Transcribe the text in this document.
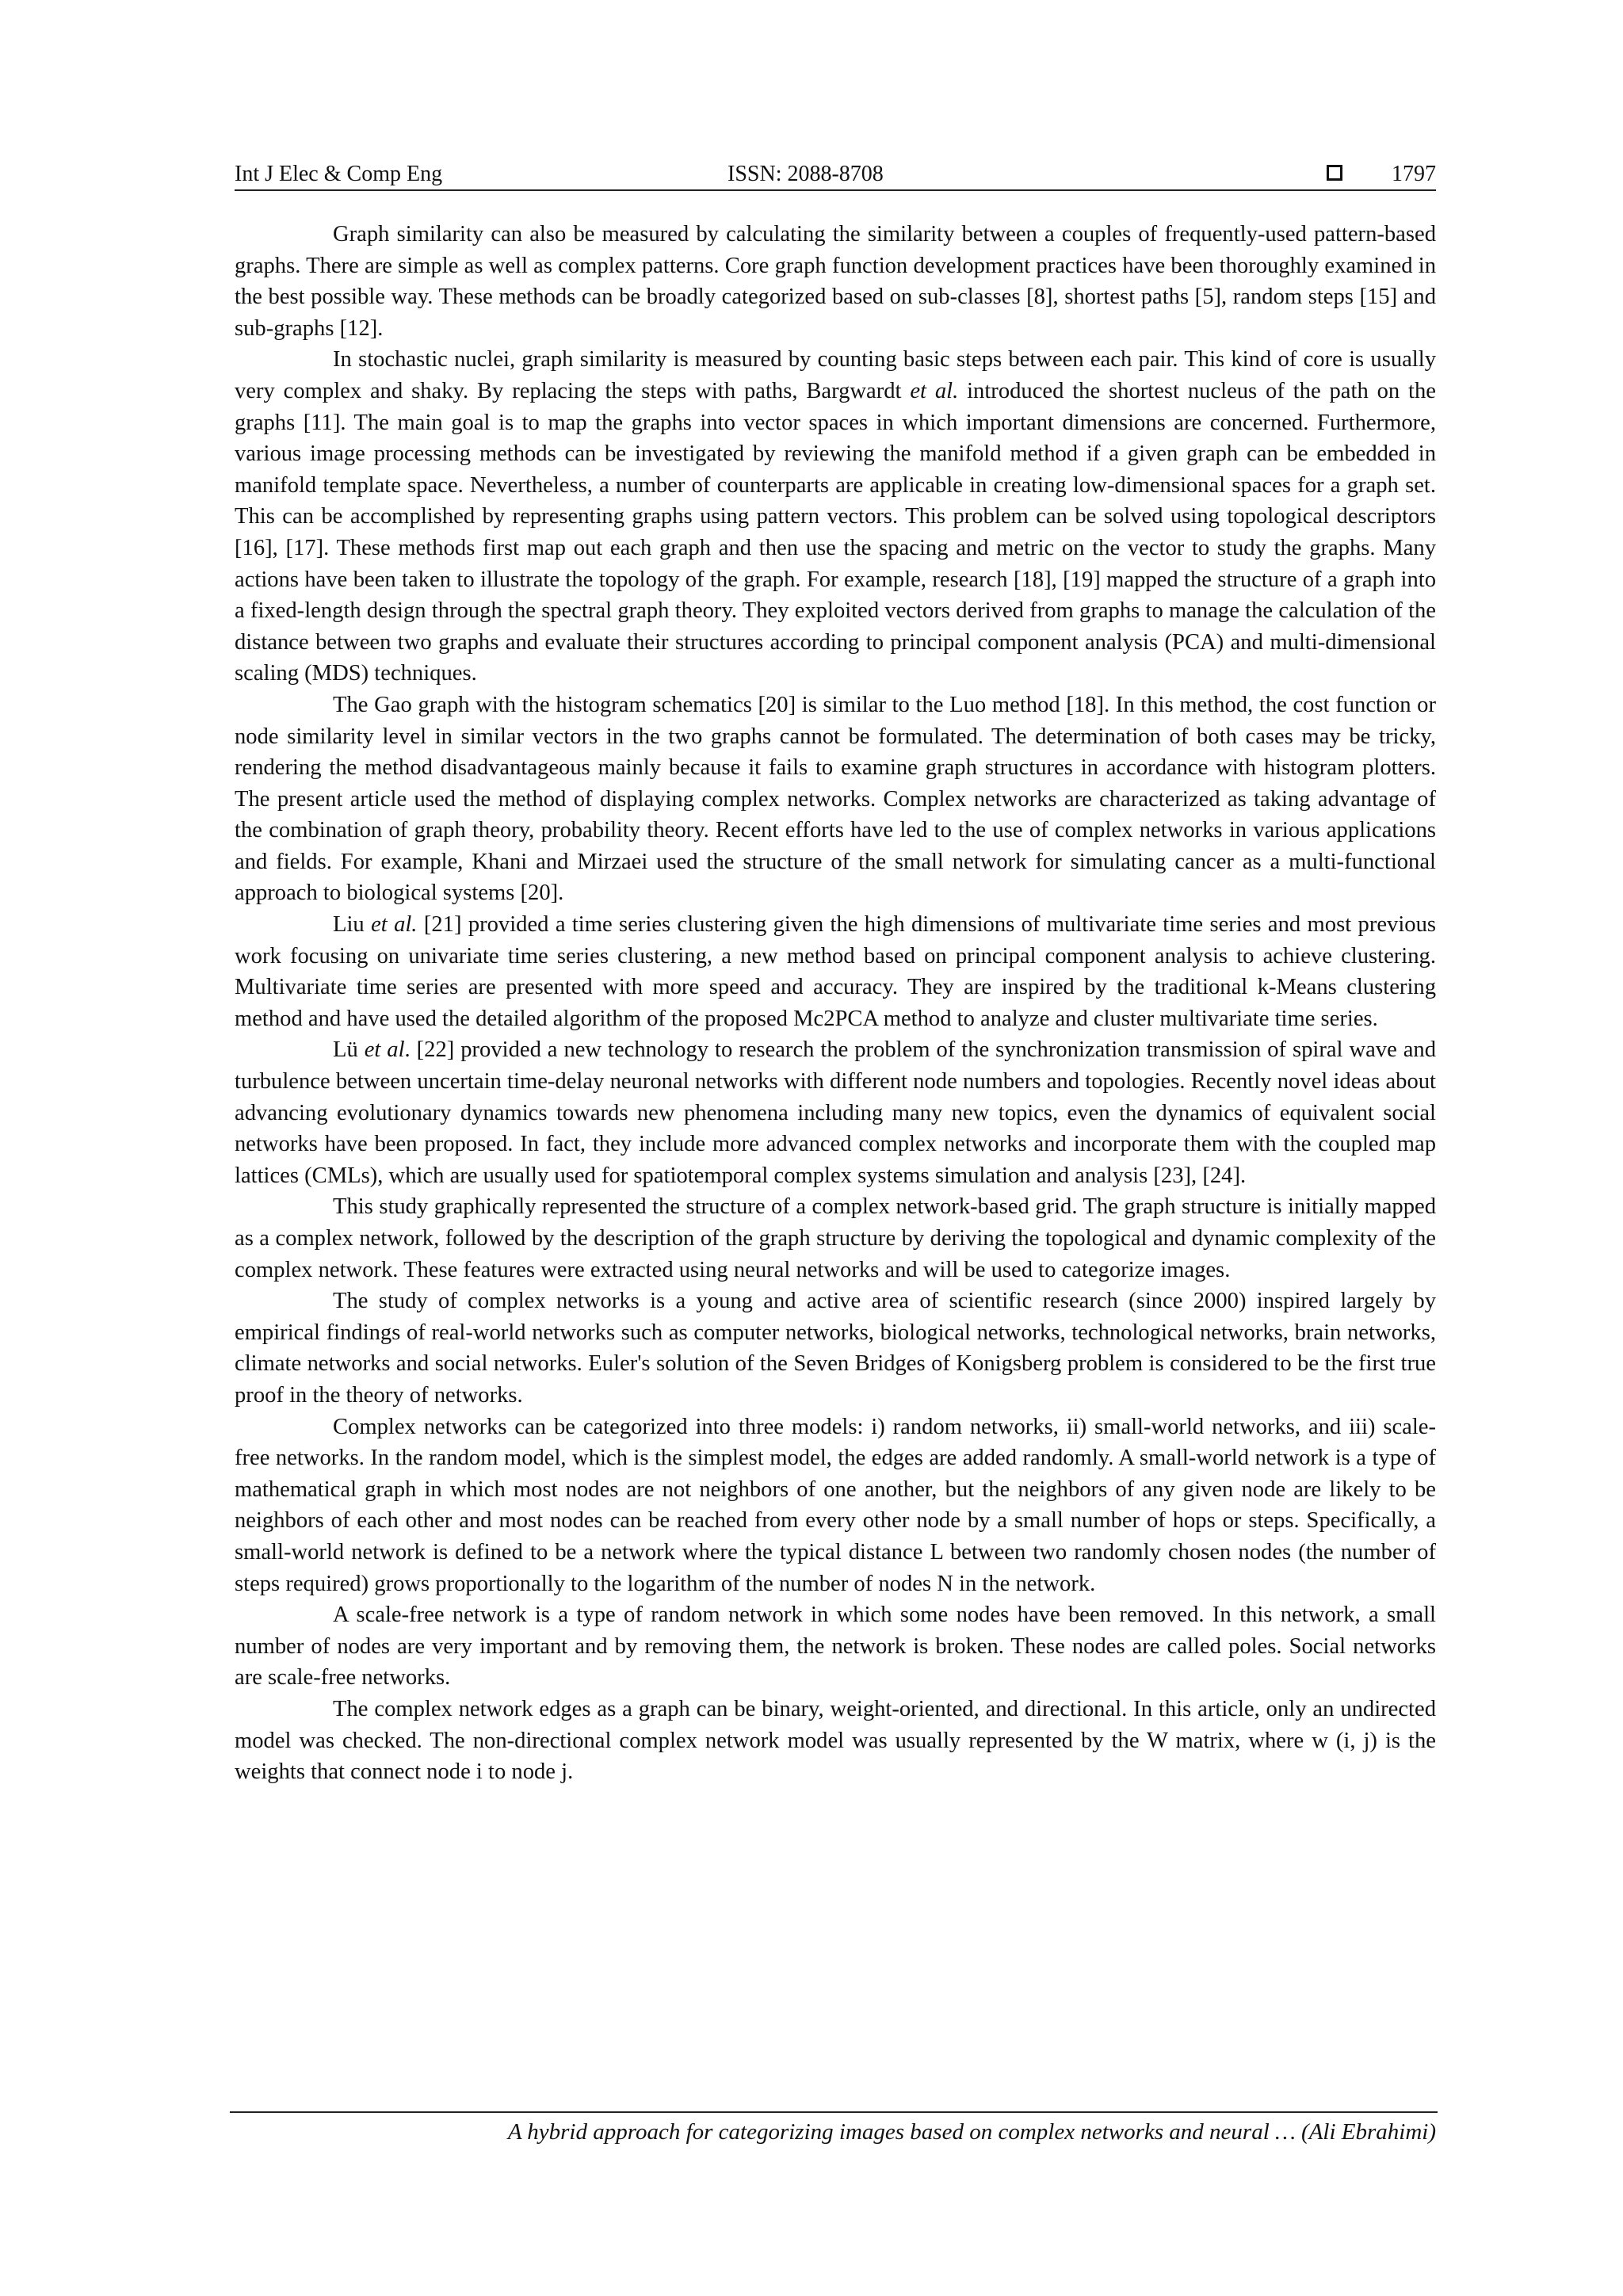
Int J Elec & Comp Eng	ISSN: 2088-8708	1797

Graph similarity can also be measured by calculating the similarity between a couples of frequently-used pattern-based graphs. There are simple as well as complex patterns. Core graph function development practices have been thoroughly examined in the best possible way. These methods can be broadly categorized based on sub-classes [8], shortest paths [5], random steps [15] and sub-graphs [12].

In stochastic nuclei, graph similarity is measured by counting basic steps between each pair. This kind of core is usually very complex and shaky. By replacing the steps with paths, Bargwardt et al. introduced the shortest nucleus of the path on the graphs [11]. The main goal is to map the graphs into vector spaces in which important dimensions are concerned. Furthermore, various image processing methods can be investigated by reviewing the manifold method if a given graph can be embedded in manifold template space. Nevertheless, a number of counterparts are applicable in creating low-dimensional spaces for a graph set. This can be accomplished by representing graphs using pattern vectors. This problem can be solved using topological descriptors [16], [17]. These methods first map out each graph and then use the spacing and metric on the vector to study the graphs. Many actions have been taken to illustrate the topology of the graph. For example, research [18], [19] mapped the structure of a graph into a fixed-length design through the spectral graph theory. They exploited vectors derived from graphs to manage the calculation of the distance between two graphs and evaluate their structures according to principal component analysis (PCA) and multi-dimensional scaling (MDS) techniques.

The Gao graph with the histogram schematics [20] is similar to the Luo method [18]. In this method, the cost function or node similarity level in similar vectors in the two graphs cannot be formulated. The determination of both cases may be tricky, rendering the method disadvantageous mainly because it fails to examine graph structures in accordance with histogram plotters. The present article used the method of displaying complex networks. Complex networks are characterized as taking advantage of the combination of graph theory, probability theory. Recent efforts have led to the use of complex networks in various applications and fields. For example, Khani and Mirzaei used the structure of the small network for simulating cancer as a multi-functional approach to biological systems [20].

Liu et al. [21] provided a time series clustering given the high dimensions of multivariate time series and most previous work focusing on univariate time series clustering, a new method based on principal component analysis to achieve clustering. Multivariate time series are presented with more speed and accuracy. They are inspired by the traditional k-Means clustering method and have used the detailed algorithm of the proposed Mc2PCA method to analyze and cluster multivariate time series.

Lü et al. [22] provided a new technology to research the problem of the synchronization transmission of spiral wave and turbulence between uncertain time-delay neuronal networks with different node numbers and topologies. Recently novel ideas about advancing evolutionary dynamics towards new phenomena including many new topics, even the dynamics of equivalent social networks have been proposed. In fact, they include more advanced complex networks and incorporate them with the coupled map lattices (CMLs), which are usually used for spatiotemporal complex systems simulation and analysis [23], [24].

This study graphically represented the structure of a complex network-based grid. The graph structure is initially mapped as a complex network, followed by the description of the graph structure by deriving the topological and dynamic complexity of the complex network. These features were extracted using neural networks and will be used to categorize images.

The study of complex networks is a young and active area of scientific research (since 2000) inspired largely by empirical findings of real-world networks such as computer networks, biological networks, technological networks, brain networks, climate networks and social networks. Euler's solution of the Seven Bridges of Konigsberg problem is considered to be the first true proof in the theory of networks.

Complex networks can be categorized into three models: i) random networks, ii) small-world networks, and iii) scale-free networks. In the random model, which is the simplest model, the edges are added randomly. A small-world network is a type of mathematical graph in which most nodes are not neighbors of one another, but the neighbors of any given node are likely to be neighbors of each other and most nodes can be reached from every other node by a small number of hops or steps. Specifically, a small-world network is defined to be a network where the typical distance L between two randomly chosen nodes (the number of steps required) grows proportionally to the logarithm of the number of nodes N in the network.

A scale-free network is a type of random network in which some nodes have been removed. In this network, a small number of nodes are very important and by removing them, the network is broken. These nodes are called poles. Social networks are scale-free networks.

The complex network edges as a graph can be binary, weight-oriented, and directional. In this article, only an undirected model was checked. The non-directional complex network model was usually represented by the W matrix, where w (i, j) is the weights that connect node i to node j.

A hybrid approach for categorizing images based on complex networks and neural … (Ali Ebrahimi)
